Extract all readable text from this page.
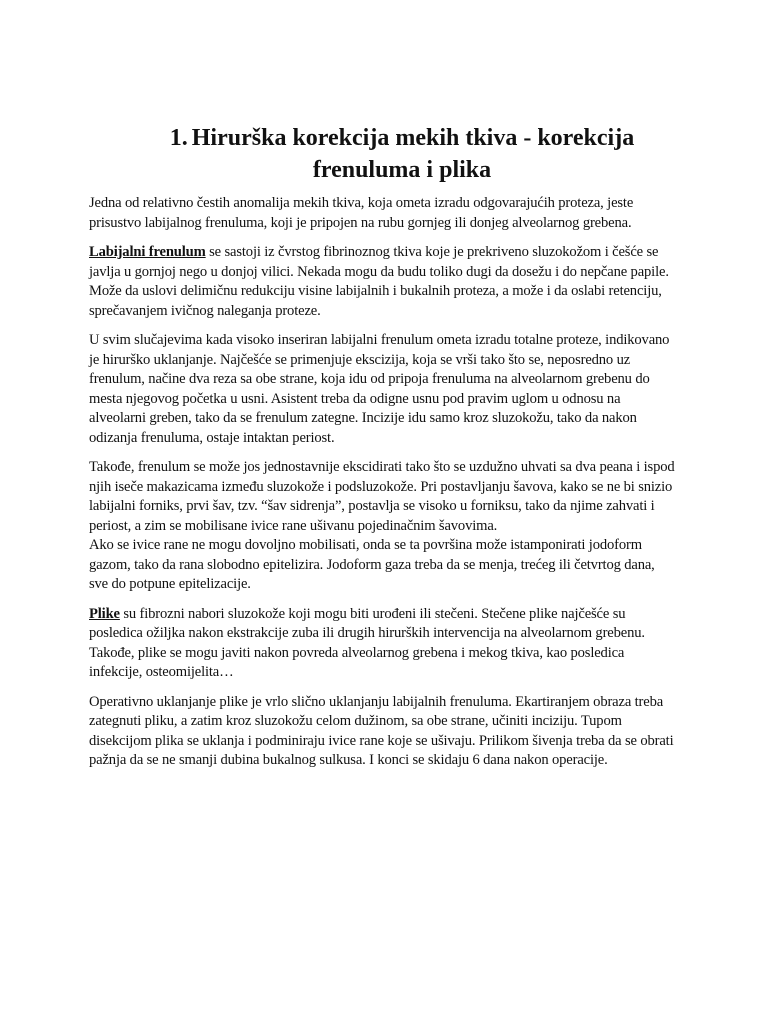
1. Hirurška korekcija mekih tkiva - korekcija frenuluma i plika

Jedna od relativno čestih anomalija mekih tkiva, koja ometa izradu odgovarajućih proteza, jeste prisustvo labijalnog frenuluma, koji je pripojen na rubu gornjeg ili donjeg alveolarnog grebena.

Labijalni frenulum se sastoji iz čvrstog fibrinoznog tkiva koje je prekriveno sluzokožom i češće se javlja u gornjoj nego u donjoj vilici. Nekada mogu da budu toliko dugi da dosežu i do nepčane papile. Može da uslovi delimičnu redukciju visine labijalnih i bukalnih proteza, a može i da oslabi retenciju, sprečavanjem ivičnog naleganja proteze.

U svim slučajevima kada visoko inseriran labijalni frenulum ometa izradu totalne proteze, indikovano je hirurško uklanjanje. Najčešće se primenjuje ekscizija, koja se vrši tako što se, neposredno uz frenulum, načine dva reza sa obe strane, koja idu od pripoja frenuluma na alveolarnom grebenu do mesta njegovog početka u usni. Asistent treba da odigne usnu pod pravim uglom u odnosu na alveolarni greben, tako da se frenulum zategne. Incizije idu samo kroz sluzokožu, tako da nakon odizanja frenuluma, ostaje intaktan periost.

Takođe, frenulum se može jos jednostavnije ekscidirati tako što se uzdužno uhvati sa dva peana i ispod njih iseče makazicama između sluzokože i podsluzokože. Pri postavljanju šavova, kako se ne bi snizio labijalni forniks, prvi šav, tzv. “šav sidrenja”, postavlja se visoko u forniksu, tako da njime zahvati i periost, a zim se mobilisane ivice rane ušivanu pojedinačnim šavovima.
Ako se ivice rane ne mogu dovoljno mobilisati, onda se ta površina može istamponirati jodoform gazom, tako da rana slobodno epitelizira. Jodoform gaza treba da se menja, trećeg ili četvrtog dana, sve do potpune epitelizacije.

Plike su fibrozni nabori sluzokože koji mogu biti urođeni ili stečeni. Stečene plike najčešće su posledica ožiljka nakon ekstrakcije zuba ili drugih hirurških intervencija na alveolarnom grebenu. Takođe, plike se mogu javiti nakon povreda alveolarnog grebena i mekog tkiva, kao posledica infekcije, osteomijelita…

Operativno uklanjanje plike je vrlo slično uklanjanju labijalnih frenuluma. Ekartiranjem obraza treba zategnuti pliku, a zatim kroz sluzokožu celom dužinom, sa obe strane, učiniti inciziju. Tupom disekcijom plika se uklanja i podminiraju ivice rane koje se ušivaju. Prilikom šivenja treba da se obrati pažnja da se ne smanji dubina bukalnog sulkusa. I konci se skidaju 6 dana nakon operacije.
